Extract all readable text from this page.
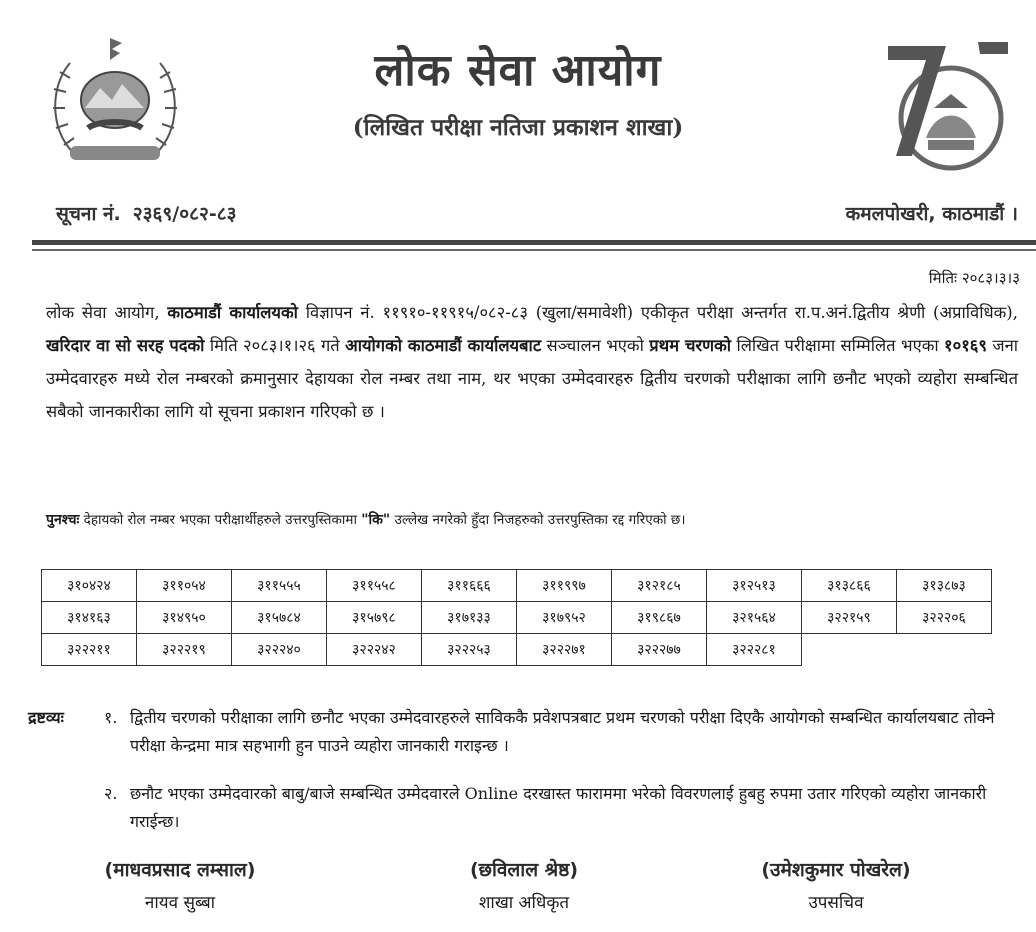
लोक सेवा आयोग
(लिखित परीक्षा नतिजा प्रकाशन शाखा)
सूचना नं. २३६९/०८२-८३	कमलपोखरी, काठमाडौं ।
मितिः २०८३।३।३
लोक सेवा आयोग, काठमाडौं कार्यालयको विज्ञापन नं. ११९१०-११९१५/०८२-८३ (खुला/समावेशी) एकीकृत परीक्षा अन्तर्गत रा.प.अनं.द्वितीय श्रेणी (अप्राविधिक), खरिदार वा सो सरह पदको मिति २०८३।१।२६ गते आयोगको काठमाडौं कार्यालयबाट सञ्चालन भएको प्रथम चरणको लिखित परीक्षामा सम्मिलित भएका १०१६९ जना उम्मेदवारहरु मध्ये रोल नम्बरको क्रमानुसार देहायका रोल नम्बर तथा नाम, थर भएका उम्मेदवारहरु द्वितीय चरणको परीक्षाका लागि छनौट भएको व्यहोरा सम्बन्धित सबैको जानकारीका लागि यो सूचना प्रकाशन गरिएको छ ।
पुनश्चः देहायको रोल नम्बर भएका परीक्षार्थीहरुले उत्तरपुस्तिकामा "कि" उल्लेख नगरेको हुँदा निजहरुको उत्तरपुस्तिका रद्द गरिएको छ।
३१०४२४	३११०५४	३११५५५	३११५५८	३११६६६	३११९९७	३१२१८५	३१२५१३	३१३८६६	३१३८७३
३१४१६३	३१४९५०	३१५७८४	३१५७९८	३१७१३३	३१७९५२	३१९८६७	३२१५६४	३२२१५९	३२२२०६
३२२२११	३२२२१९	३२२२४०	३२२२४२	३२२२५३	३२२२७१	३२२२७७	३२२२८१		
द्रष्टव्यः	१. द्वितीय चरणको परीक्षाका लागि छनौट भएका उम्मेदवारहरुले साविककै प्रवेशपत्रबाट प्रथम चरणको परीक्षा दिएकै आयोगको सम्बन्धित कार्यालयबाट तोक्ने परीक्षा केन्द्रमा मात्र सहभागी हुन पाउने व्यहोरा जानकारी गराइन्छ ।
२. छनौट भएका उम्मेदवारको बाबु/बाजे सम्बन्धित उम्मेदवारले Online दरखास्त फाराममा भरेको विवरणलाई हुबहु रुपमा उतार गरिएको व्यहोरा जानकारी गराईन्छ।
(माधवप्रसाद लम्साल)
नायव सुब्बा
(छविलाल श्रेष्ठ)
शाखा अधिकृत
(उमेशकुमार पोखरेल)
उपसचिव
